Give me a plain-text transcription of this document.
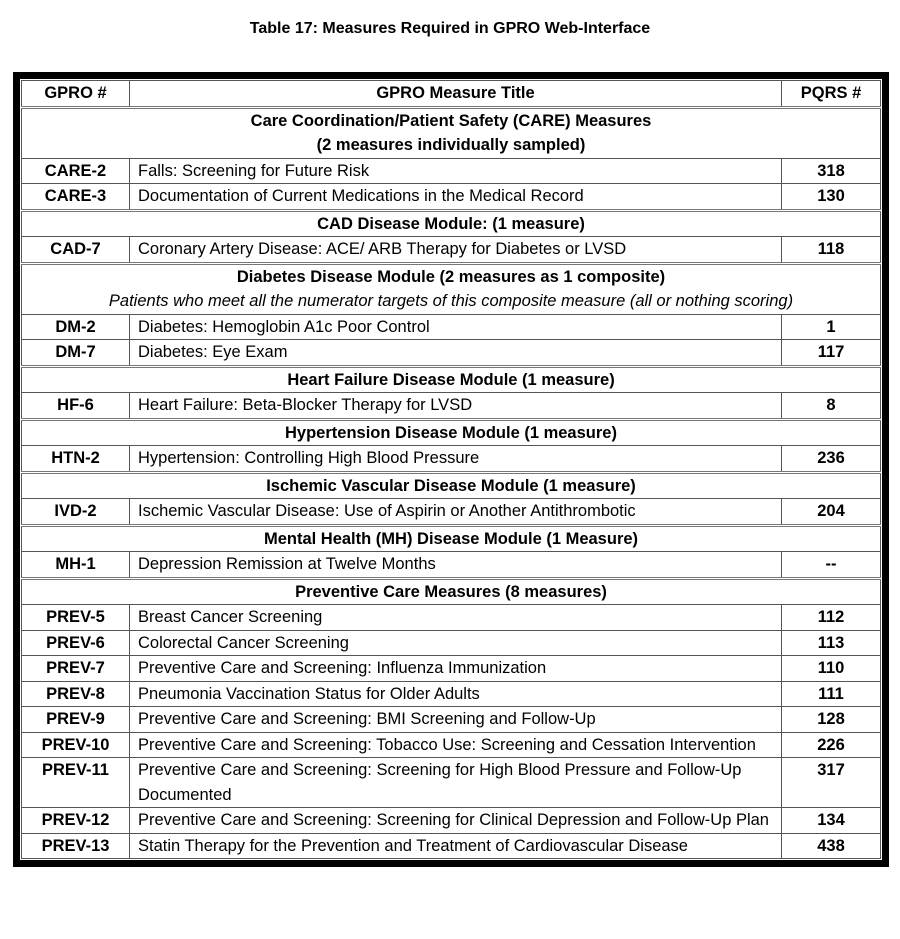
Table 17: Measures Required in GPRO Web-Interface
GPRO #	GPRO Measure Title	PQRS #

Care Coordination/Patient Safety (CARE) Measures
(2 measures individually sampled)		

CARE-2	Falls: Screening for Future Risk	318
CARE-3	Documentation of Current Medications in the Medical Record	130

CAD Disease Module: (1 measure)		

CAD-7	Coronary Artery Disease: ACE/ ARB Therapy for Diabetes or LVSD	118

Diabetes Disease Module (2 measures as 1 composite)
Patients who meet all the numerator targets of this composite measure (all or nothing scoring)		

DM-2	Diabetes: Hemoglobin A1c Poor Control	1
DM-7	Diabetes: Eye Exam	117

Heart Failure Disease Module (1 measure)		

HF-6	Heart Failure: Beta-Blocker Therapy for LVSD	8

Hypertension Disease Module (1 measure)		

HTN-2	Hypertension: Controlling High Blood Pressure	236

Ischemic Vascular Disease Module (1 measure)		

IVD-2	Ischemic Vascular Disease: Use of Aspirin or Another Antithrombotic	204

Mental Health (MH) Disease Module (1 Measure)		

MH-1	Depression Remission at Twelve Months	--

Preventive Care Measures (8 measures)		

PREV-5	Breast Cancer Screening	112
PREV-6	Colorectal Cancer Screening	113
PREV-7	Preventive Care and Screening: Influenza Immunization	110
PREV-8	Pneumonia Vaccination Status for Older Adults	111
PREV-9	Preventive Care and Screening: BMI Screening and Follow-Up	128
PREV-10	Preventive Care and Screening: Tobacco Use: Screening and Cessation Intervention	226
PREV-11	Preventive Care and Screening: Screening for High Blood Pressure and Follow-Up Documented	317
PREV-12	Preventive Care and Screening: Screening for Clinical Depression and Follow-Up Plan	134
PREV-13	Statin Therapy for the Prevention and Treatment of Cardiovascular Disease	438
